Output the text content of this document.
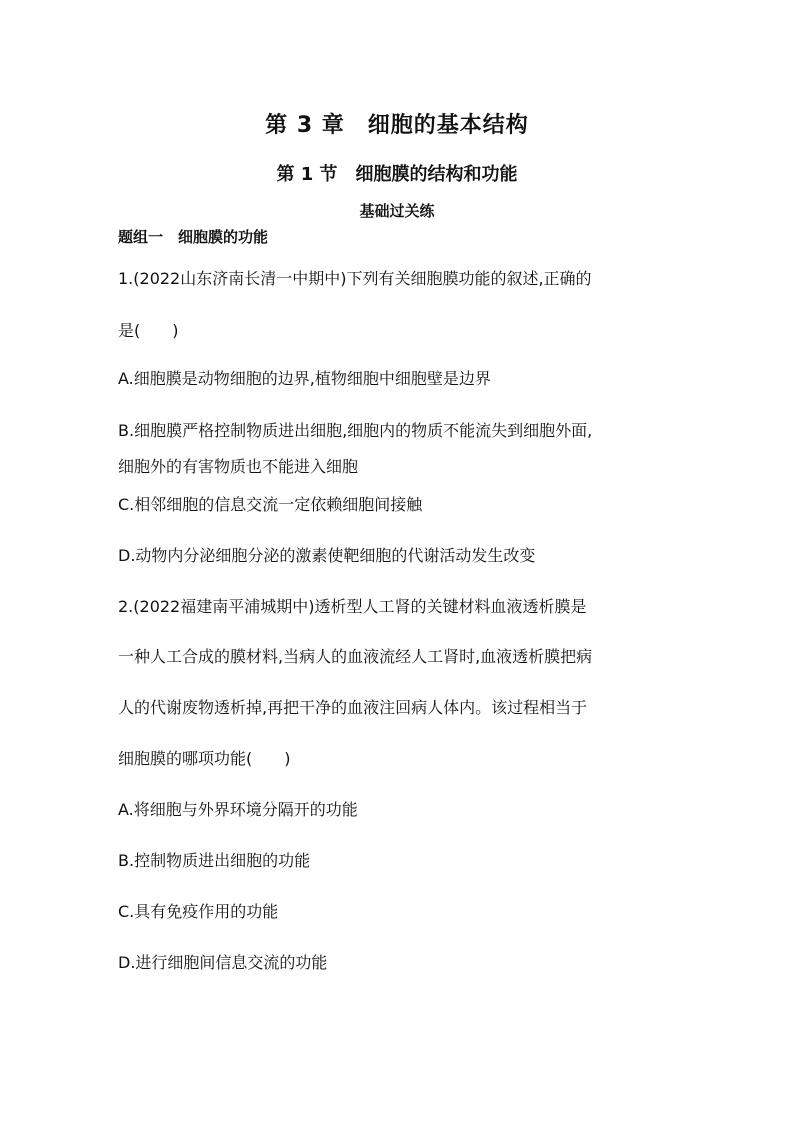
第 3 章　细胞的基本结构
第 1 节　细胞膜的结构和功能
基础过关练
题组一　细胞膜的功能
1.(2022山东济南长清一中期中)下列有关细胞膜功能的叙述,正确的
是(　　)
A.细胞膜是动物细胞的边界,植物细胞中细胞壁是边界
B.细胞膜严格控制物质进出细胞,细胞内的物质不能流失到细胞外面,
细胞外的有害物质也不能进入细胞
C.相邻细胞的信息交流一定依赖细胞间接触
D.动物内分泌细胞分泌的激素使靶细胞的代谢活动发生改变
2.(2022福建南平浦城期中)透析型人工肾的关键材料血液透析膜是
一种人工合成的膜材料,当病人的血液流经人工肾时,血液透析膜把病
人的代谢废物透析掉,再把干净的血液注回病人体内。该过程相当于
细胞膜的哪项功能(　　)
A.将细胞与外界环境分隔开的功能
B.控制物质进出细胞的功能
C.具有免疫作用的功能
D.进行细胞间信息交流的功能
